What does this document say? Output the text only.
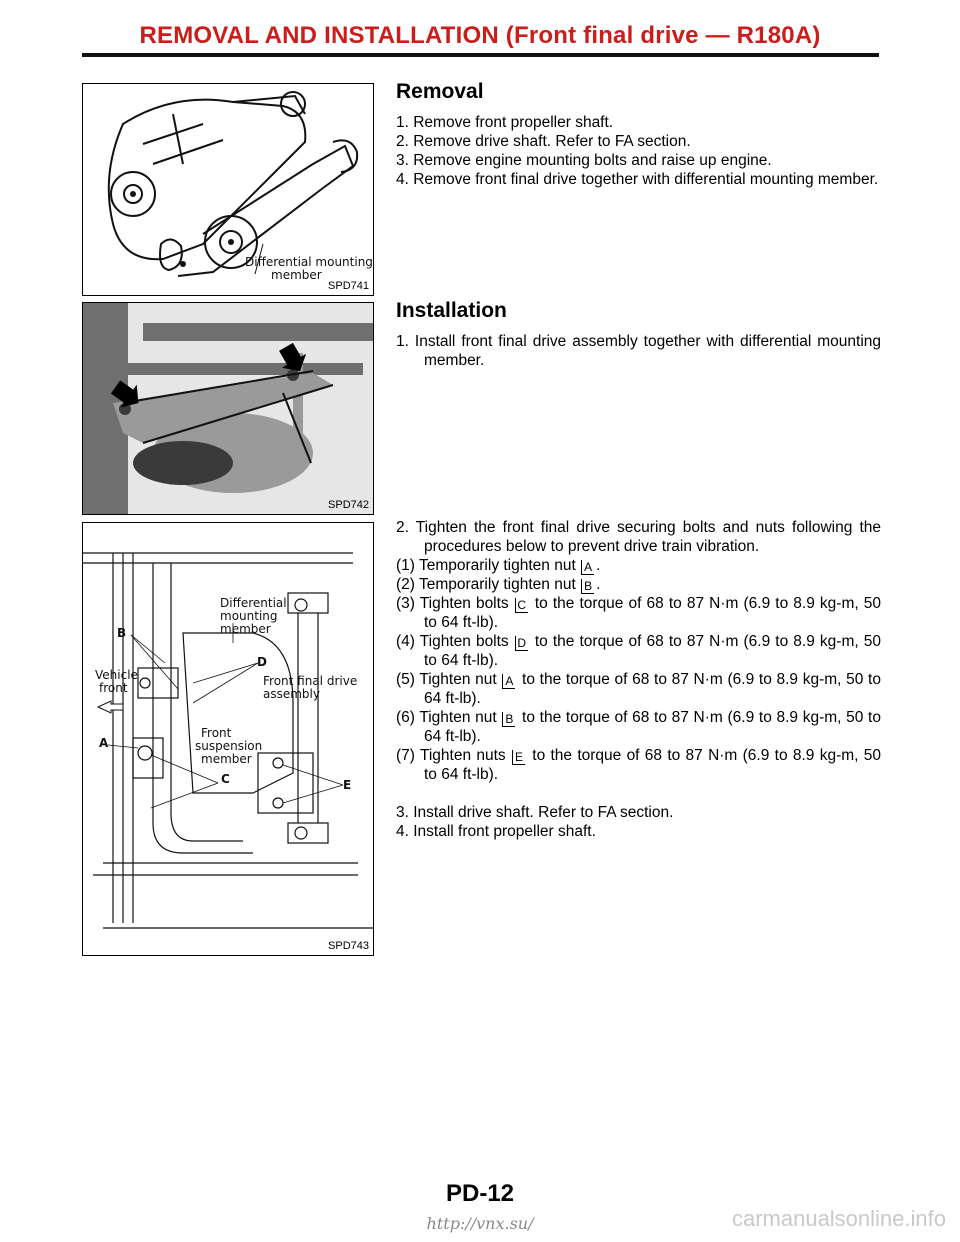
REMOVAL AND INSTALLATION (Front final drive — R180A)
Differential mounting
member
SPD741
SPD742
Differential
mounting
member
Vehicle
front	Front final drive
assembly
Front
suspension
member
B
D
A
C	E
SPD743
Removal
1. Remove front propeller shaft.
2. Remove drive shaft. Refer to FA section.
3. Remove engine mounting bolts and raise up engine.
4. Remove front final drive together with differential mounting member.
Installation

1. Install front final drive assembly together with differential mounting member.

2. Tighten the front final drive securing bolts and nuts following the procedures below to prevent drive train vibration.

(1) Temporarily tighten nut A .

(2) Temporarily tighten nut B .

(3) Tighten bolts C to the torque of 68 to 87 N·m (6.9 to 8.9 kg-m, 50 to 64 ft-lb).

(4) Tighten bolts D to the torque of 68 to 87 N·m (6.9 to 8.9 kg-m, 50 to 64 ft-lb).

(5) Tighten nut A to the torque of 68 to 87 N·m (6.9 to 8.9 kg-m, 50 to 64 ft-lb).

(6) Tighten nut B to the torque of 68 to 87 N·m (6.9 to 8.9 kg-m, 50 to 64 ft-lb).

(7) Tighten nuts E to the torque of 68 to 87 N·m (6.9 to 8.9 kg-m, 50 to 64 ft-lb).

3. Install drive shaft. Refer to FA section.

4. Install front propeller shaft.

PD-12
http://vnx.su/	carmanualsonline.info
